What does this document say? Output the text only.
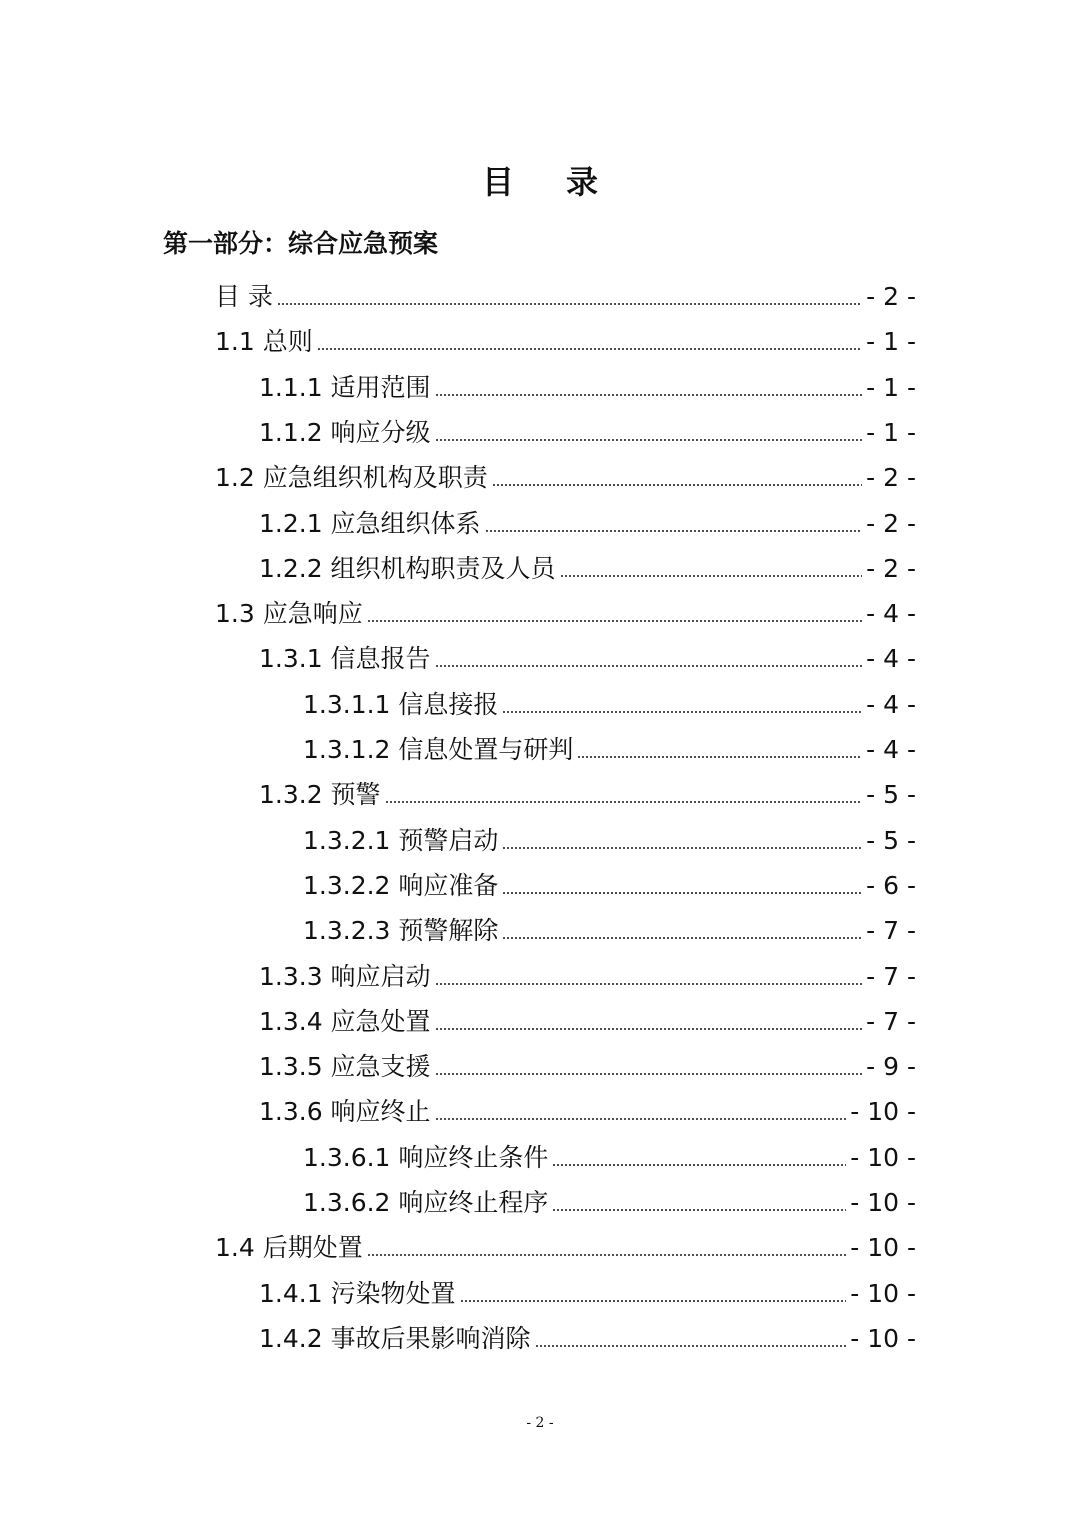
目 录
第一部分：综合应急预案
目 录	- 2 -
1.1 总则	- 1 -
1.1.1 适用范围	- 1 -
1.1.2 响应分级	- 1 -
1.2 应急组织机构及职责	- 2 -
1.2.1 应急组织体系	- 2 -
1.2.2 组织机构职责及人员	- 2 -
1.3 应急响应	- 4 -
1.3.1 信息报告	- 4 -
1.3.1.1 信息接报	- 4 -
1.3.1.2 信息处置与研判	- 4 -
1.3.2 预警	- 5 -
1.3.2.1 预警启动	- 5 -
1.3.2.2 响应准备	- 6 -
1.3.2.3 预警解除	- 7 -
1.3.3 响应启动	- 7 -
1.3.4 应急处置	- 7 -
1.3.5 应急支援	- 9 -
1.3.6 响应终止	- 10 -
1.3.6.1 响应终止条件	- 10 -
1.3.6.2 响应终止程序	- 10 -
1.4 后期处置	- 10 -
1.4.1 污染物处置	- 10 -
1.4.2 事故后果影响消除	- 10 -
- 2 -
